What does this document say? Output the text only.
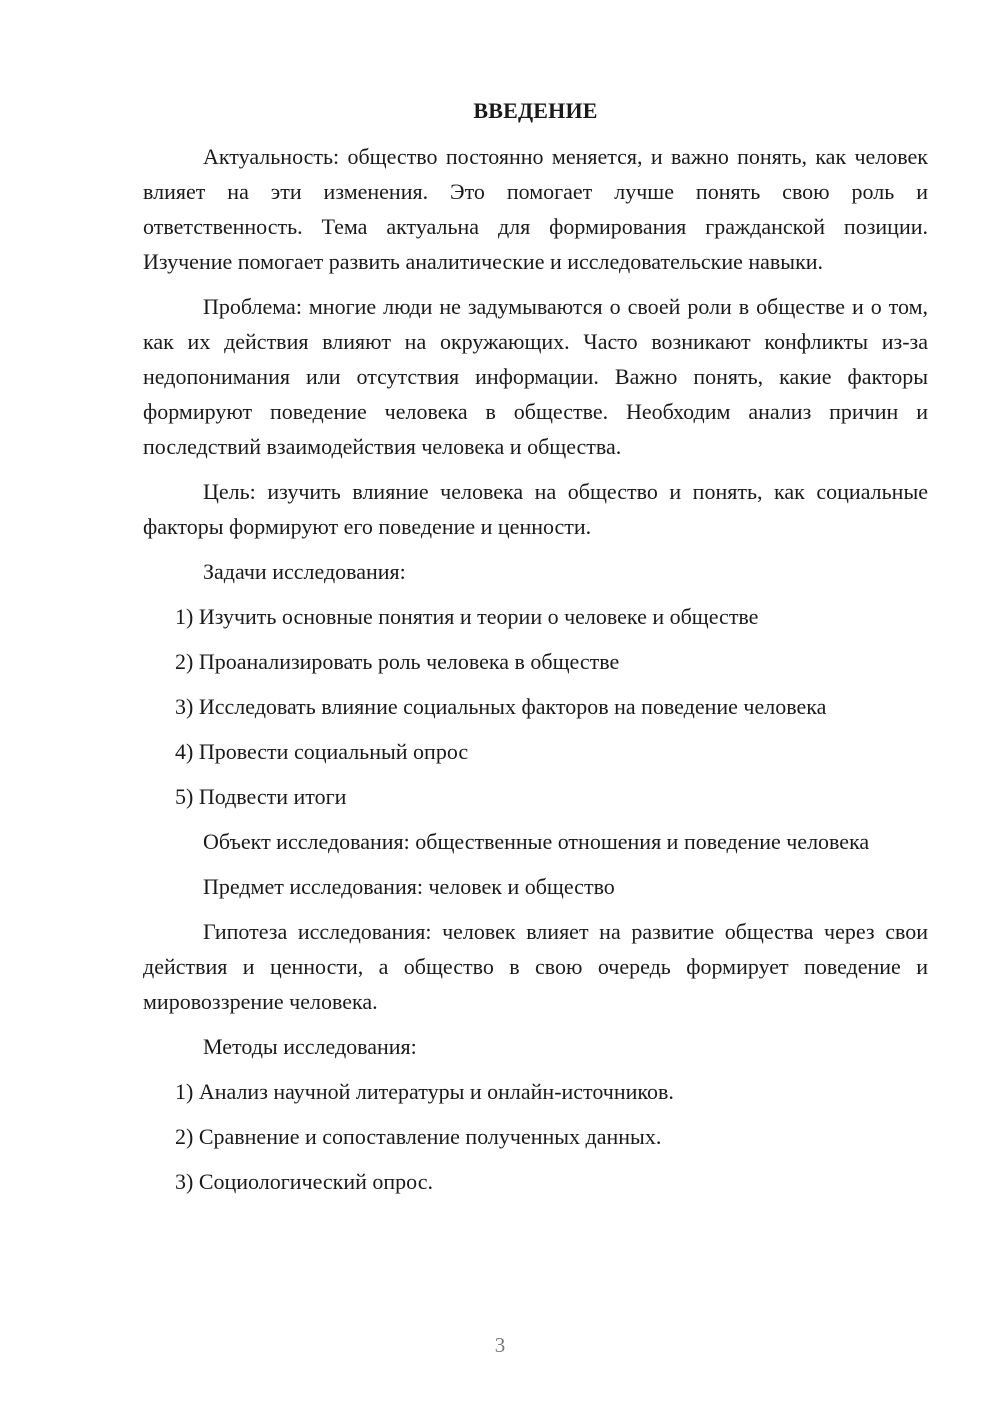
ВВЕДЕНИЕ

Актуальность: общество постоянно меняется, и важно понять, как человек влияет на эти изменения. Это помогает лучше понять свою роль и ответственность. Тема актуальна для формирования гражданской позиции. Изучение помогает развить аналитические и исследовательские навыки.

Проблема: многие люди не задумываются о своей роли в обществе и о том, как их действия влияют на окружающих. Часто возникают конфликты из-за недопонимания или отсутствия информации. Важно понять, какие факторы формируют поведение человека в обществе. Необходим анализ причин и последствий взаимодействия человека и общества.

Цель: изучить влияние человека на общество и понять, как социальные факторы формируют его поведение и ценности.

Задачи исследования:

1) Изучить основные понятия и теории о человеке и обществе

2) Проанализировать роль человека в обществе

3) Исследовать влияние социальных факторов на поведение человека

4) Провести социальный опрос

5) Подвести итоги

Объект исследования: общественные отношения и поведение человека

Предмет исследования: человек и общество

Гипотеза исследования: человек влияет на развитие общества через свои действия и ценности, а общество в свою очередь формирует поведение и мировоззрение человека.

Методы исследования:

1) Анализ научной литературы и онлайн-источников.

2) Сравнение и сопоставление полученных данных.

3) Социологический опрос.

3
